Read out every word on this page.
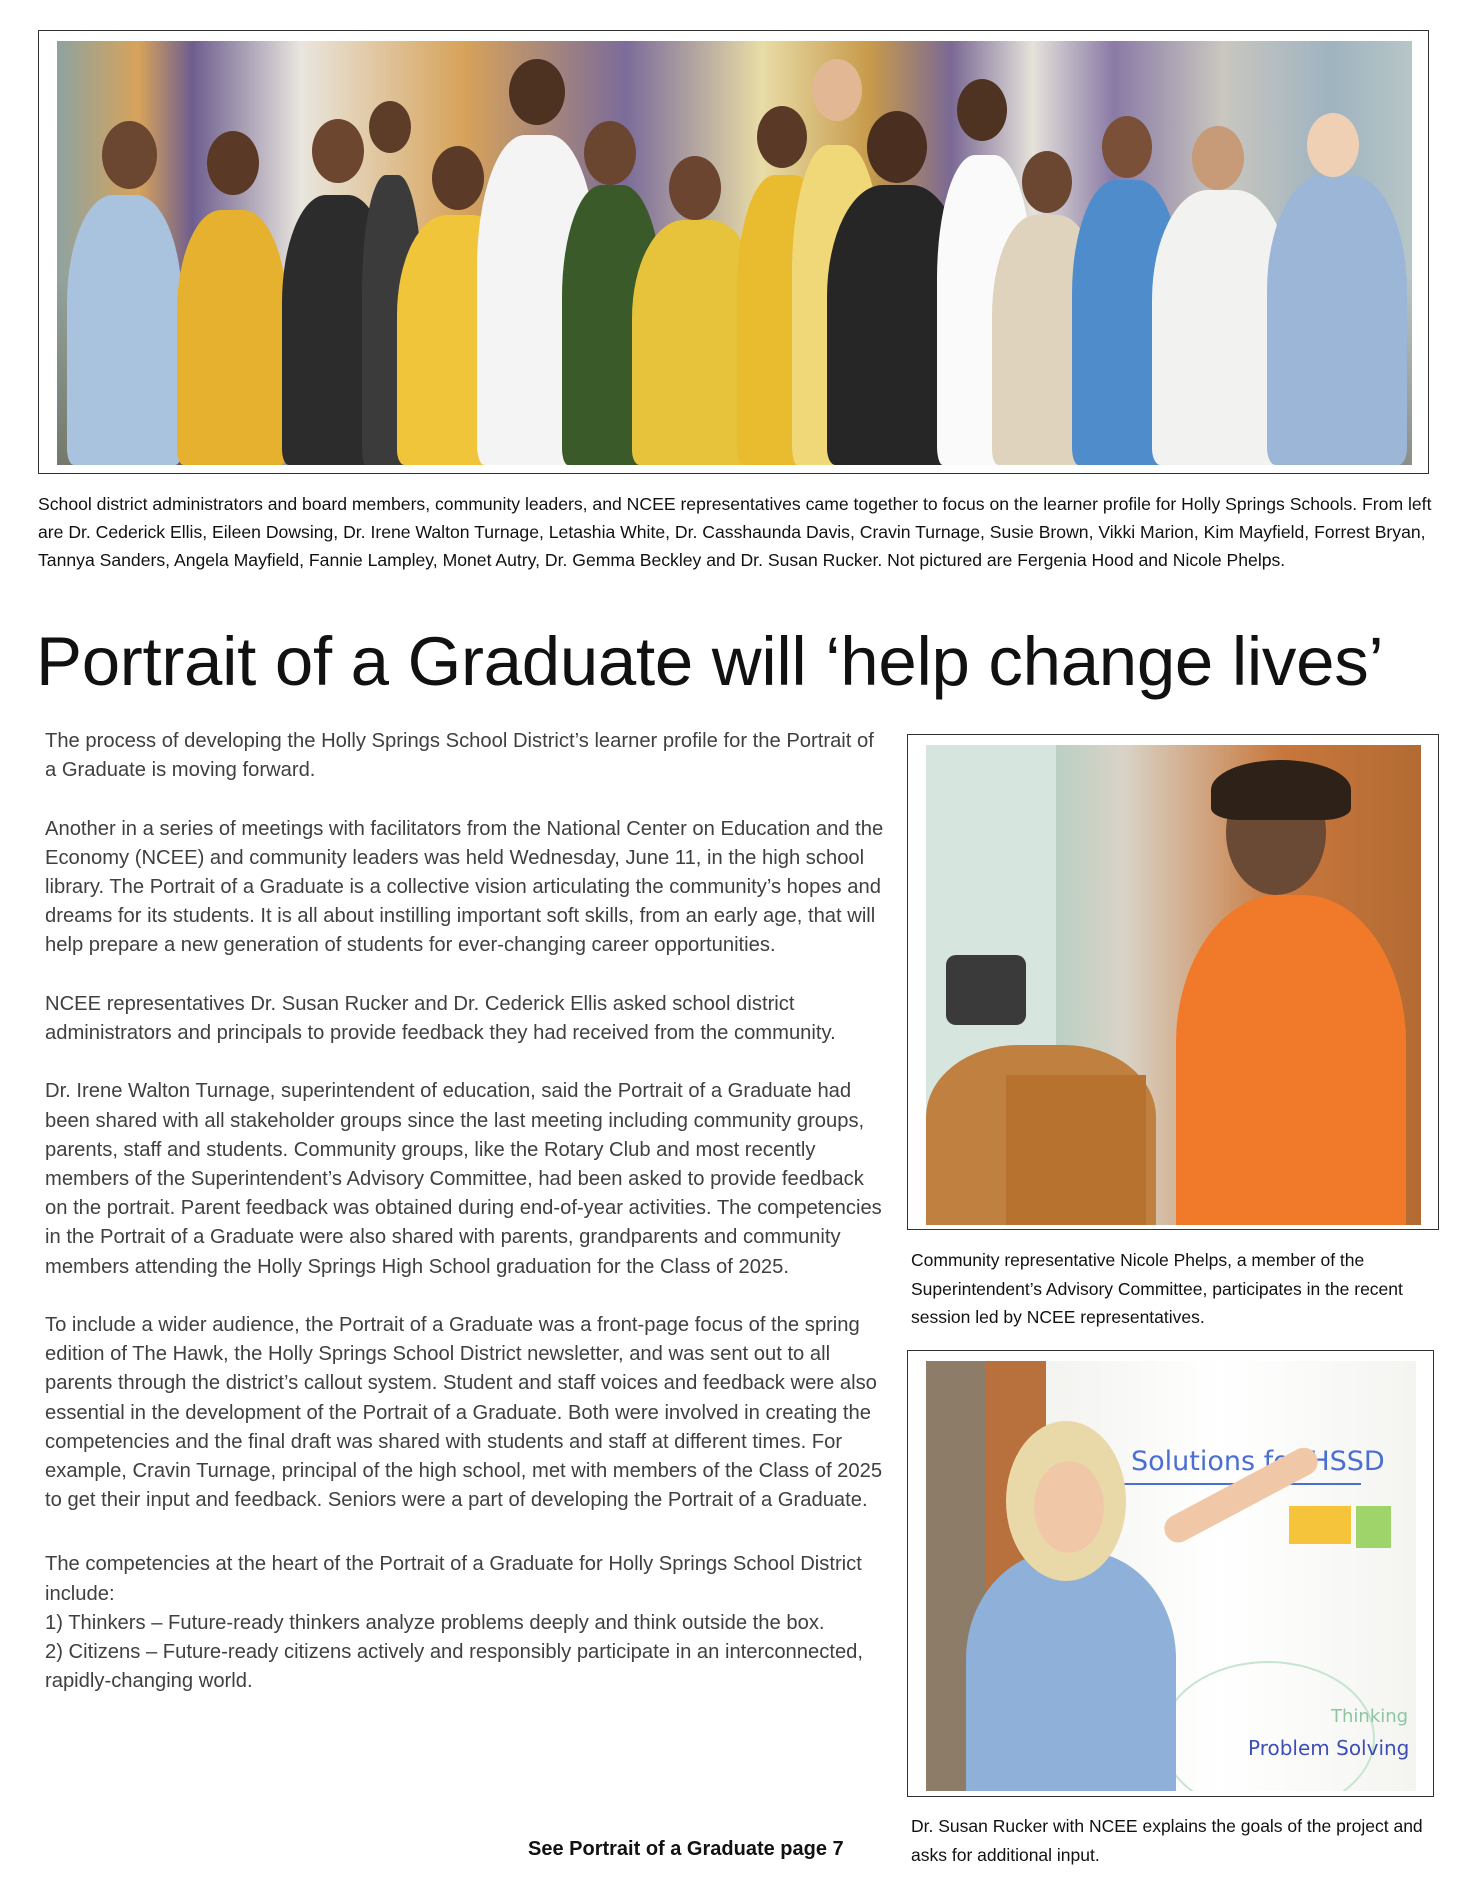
School district administrators and board members, community leaders, and NCEE representatives came together to focus on the learner profile for Holly Springs Schools. From left are Dr. Cederick Ellis, Eileen Dowsing, Dr. Irene Walton Turnage, Letashia White, Dr. Casshaunda Davis, Cravin Turnage, Susie Brown, Vikki Marion, Kim Mayfield, Forrest Bryan, Tannya Sanders, Angela Mayfield, Fannie Lampley, Monet Autry, Dr. Gemma Beckley and Dr. Susan Rucker. Not pictured are Fergenia Hood and Nicole Phelps.
Portrait of a Graduate will ‘help change lives’

The process of developing the Holly Springs School District’s learner profile for the Portrait of a Graduate is moving forward.

Another in a series of meetings with facilitators from the National Center on Education and the Economy (NCEE) and community leaders was held Wednesday, June 11, in the high school library. The Portrait of a Graduate is a collective vision articulating the community’s hopes and dreams for its students. It is all about instilling important soft skills, from an early age, that will help prepare a new generation of students for ever-changing career opportunities.

NCEE representatives Dr. Susan Rucker and Dr. Cederick Ellis asked school district administrators and principals to provide feedback they had received from the community.

Dr. Irene Walton Turnage, superintendent of education, said the Portrait of a Graduate had been shared with all stakeholder groups since the last meeting including community groups, parents, staff and students. Community groups, like the Rotary Club and most recently members of the Superintendent’s Advisory Committee, had been asked to provide feedback on the portrait. Parent feedback was obtained during end-of-year activities. The competencies in the Portrait of a Graduate were also shared with parents, grandparents and community members attending the Holly Springs High School graduation for the Class of 2025.

To include a wider audience, the Portrait of a Graduate was a front-page focus of the spring edition of The Hawk, the Holly Springs School District newsletter, and was sent out to all parents through the district’s callout system. Student and staff voices and feedback were also essential in the development of the Portrait of a Graduate. Both were involved in creating the competencies and the final draft was shared with students and staff at different times. For example, Cravin Turnage, principal of the high school, met with members of the Class of 2025 to get their input and feedback. Seniors were a part of developing the Portrait of a Graduate.

The competencies at the heart of the Portrait of a Graduate for Holly Springs School District include:

1) Thinkers – Future-ready thinkers analyze problems deeply and think outside the box.

2) Citizens – Future-ready citizens actively and responsibly participate in an interconnected, rapidly-changing world.

See Portrait of a Graduate page 7
Community representative Nicole Phelps, a member of the Superintendent’s Advisory Committee, participates in the recent session led by NCEE representatives.
Solutions for HSSD
Thinking
Problem Solving
Dr. Susan Rucker with NCEE explains the goals of the project and asks for additional input.
